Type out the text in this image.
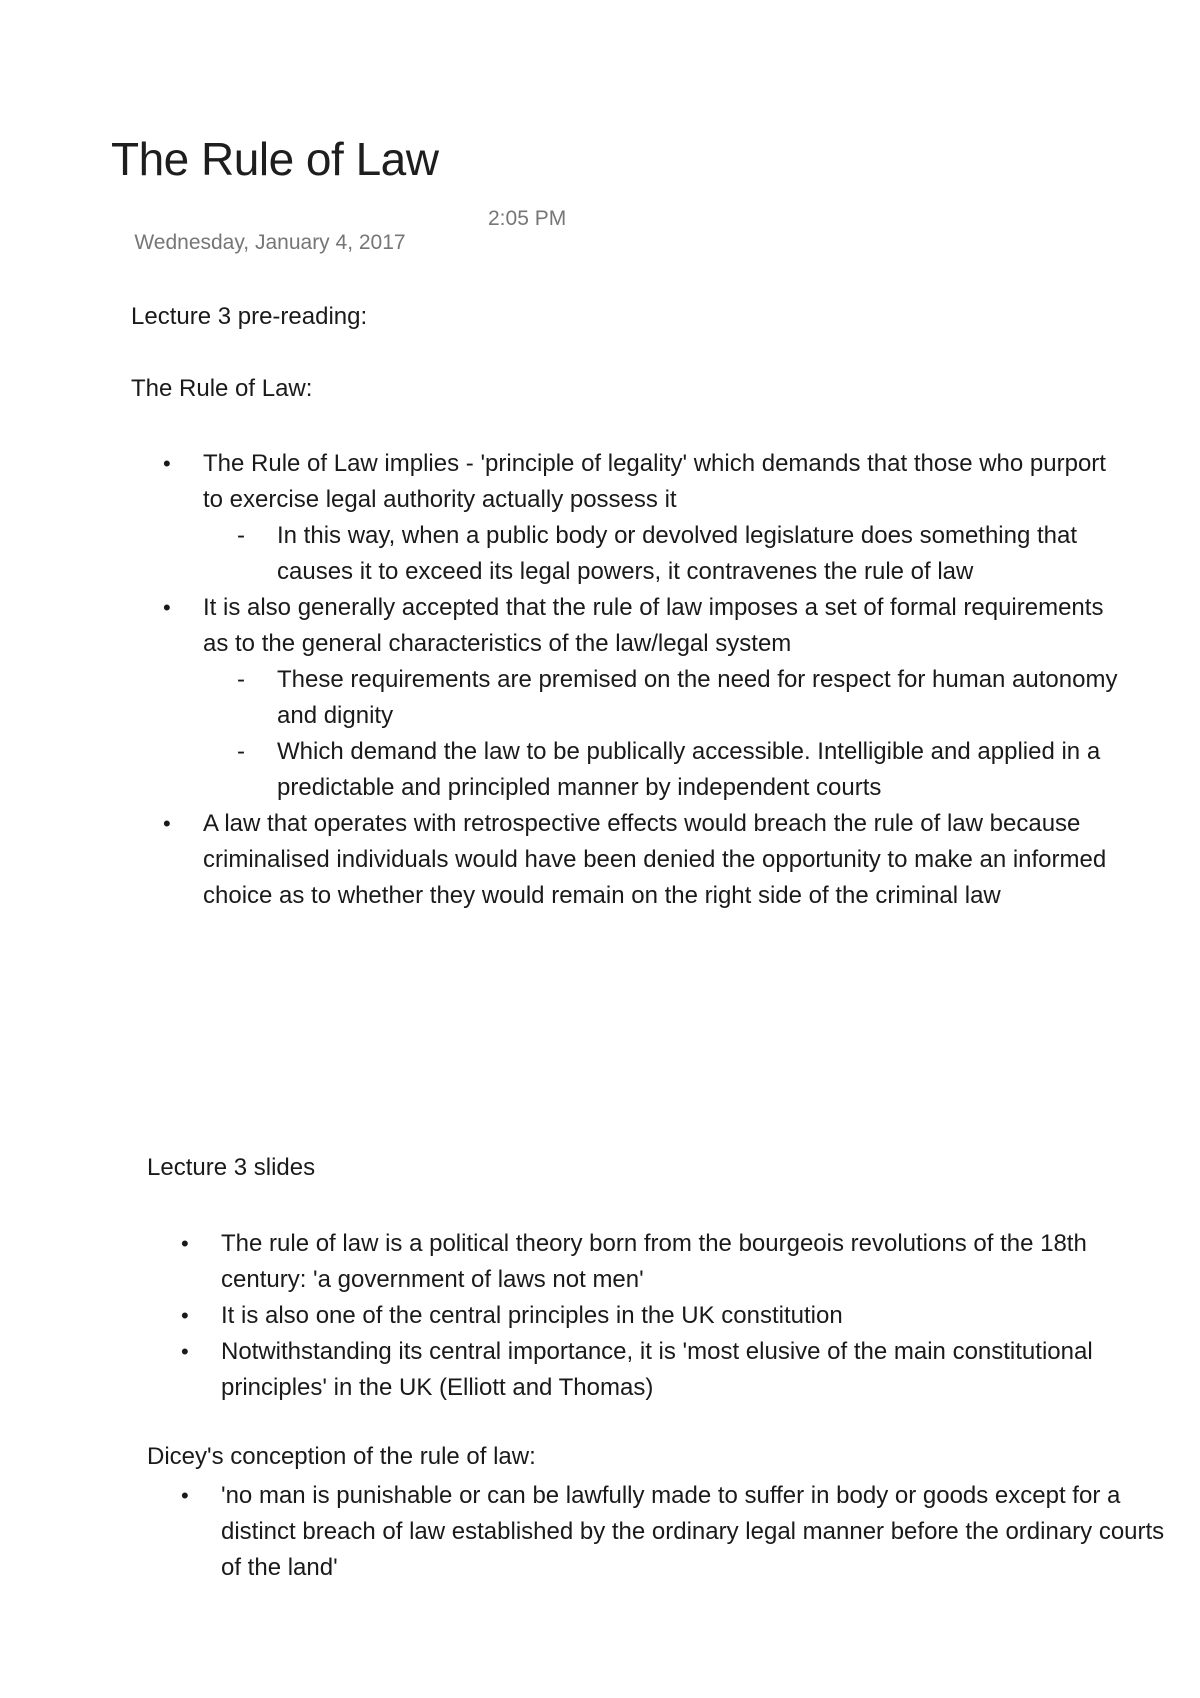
The Rule of Law

Wednesday, January 4, 2017

2:05 PM

Lecture 3 pre-reading:

The Rule of Law:

• The Rule of Law implies - 'principle of legality' which demands that those who purport to exercise legal authority actually possess it
- In this way, when a public body or devolved legislature does something that causes it to exceed its legal powers, it contravenes the rule of law
• It is also generally accepted that the rule of law imposes a set of formal requirements as to the general characteristics of the law/legal system
- These requirements are premised on the need for respect for human autonomy and dignity
- Which demand the law to be publically accessible. Intelligible and applied in a predictable and principled manner by independent courts
• A law that operates with retrospective effects would breach the rule of law because criminalised individuals would have been denied the opportunity to make an informed choice as to whether they would remain on the right side of the criminal law

Lecture 3 slides

• The rule of law is a political theory born from the bourgeois revolutions of the 18th century: 'a government of laws not men'
• It is also one of the central principles in the UK constitution
• Notwithstanding its central importance, it is 'most elusive of the main constitutional principles' in the UK (Elliott and Thomas)

Dicey's conception of the rule of law:

• 'no man is punishable or can be lawfully made to suffer in body or goods except for a distinct breach of law established by the ordinary legal manner before the ordinary courts of the land'
